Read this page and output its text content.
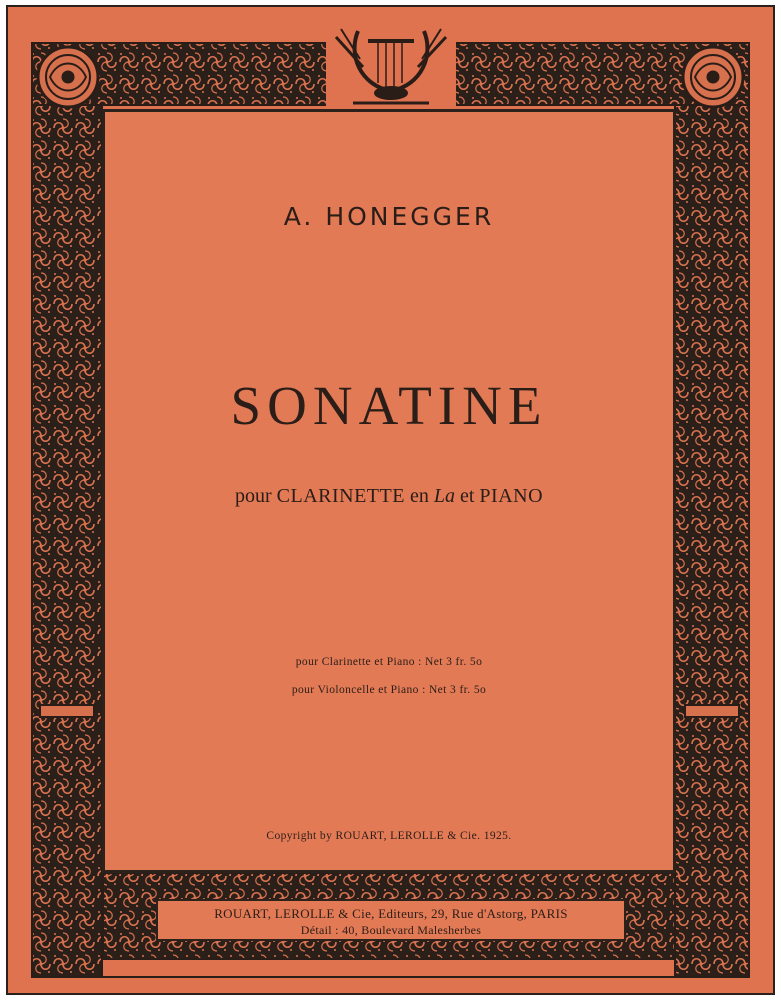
A. HONEGGER
SONATINE
pour CLARINETTE en La et PIANO
pour Clarinette et Piano : Net 3 fr. 5o
pour Violoncelle et Piano : Net 3 fr. 5o
Copyright by ROUART, LEROLLE & Cie. 1925.
ROUART, LEROLLE & Cie, Editeurs, 29, Rue d'Astorg, PARIS
Détail : 40, Boulevard Malesherbes
